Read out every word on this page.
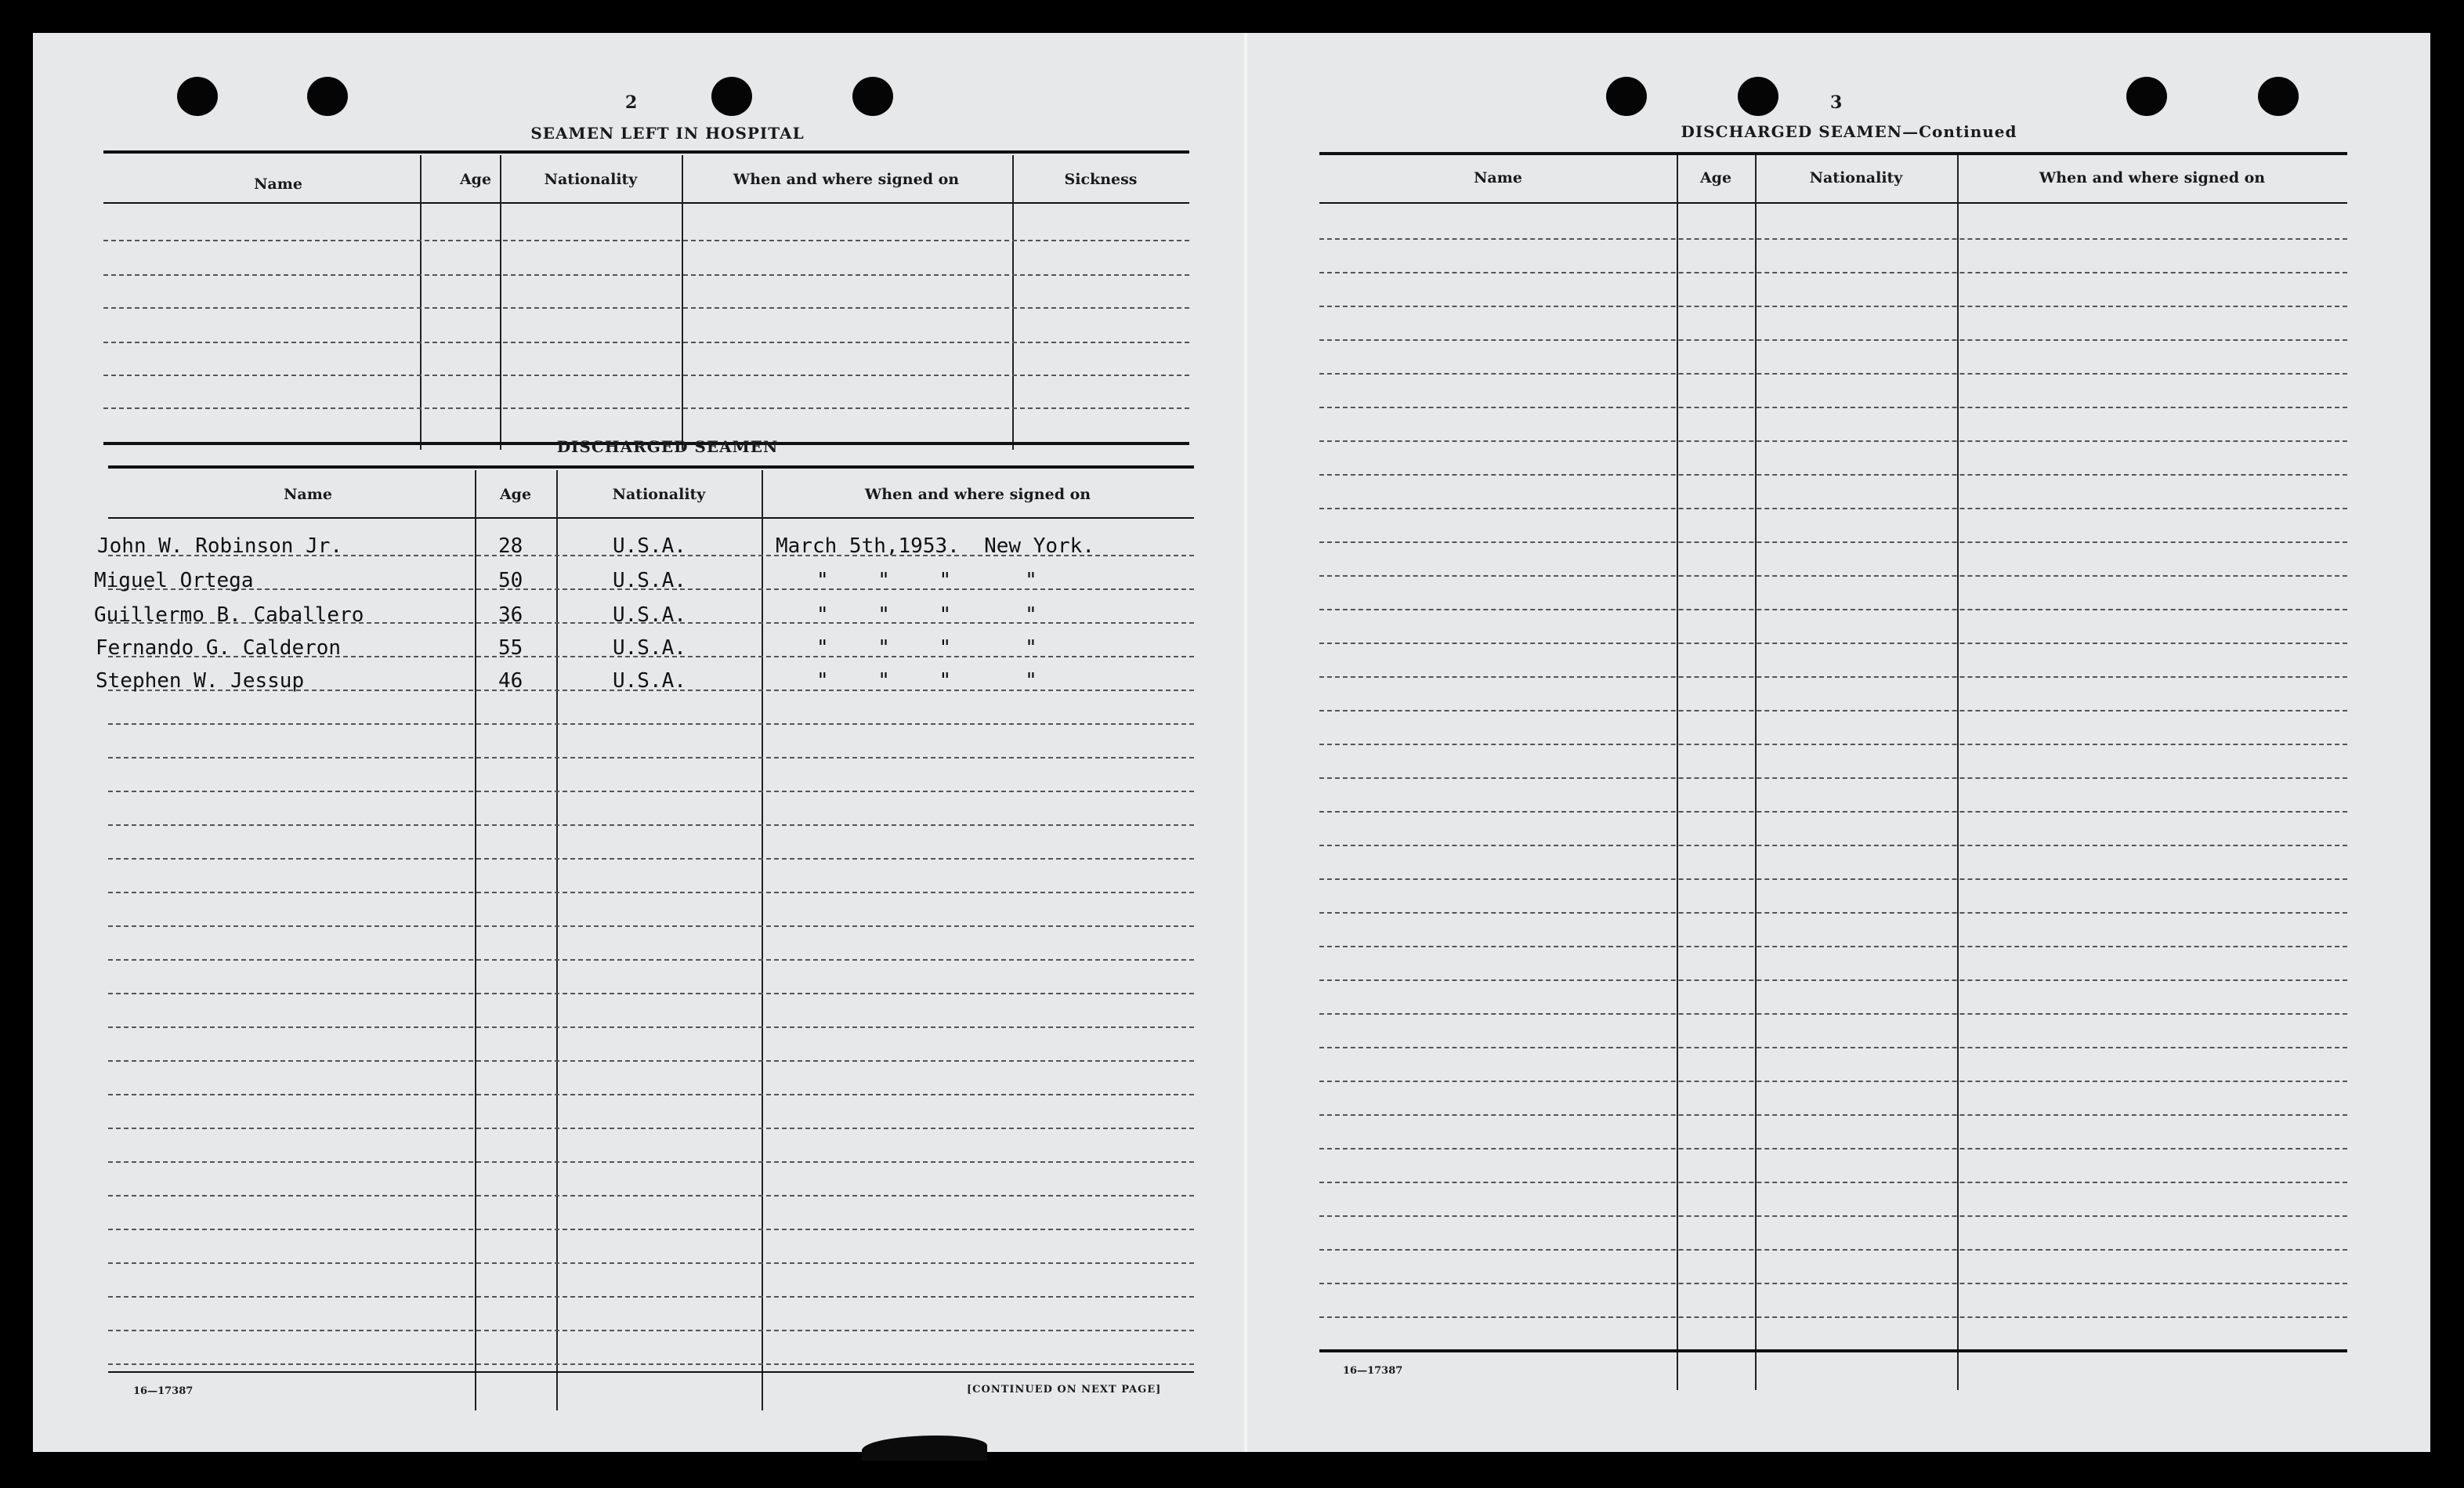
2
SEAMEN LEFT IN HOSPITAL
Name	Age	Nationality	When and where signed on	Sickness
DISCHARGED SEAMEN
Name	Age	Nationality	When and where signed on
John W. Robinson Jr.	28	U.S.A.	March 5th,1953.  New York.
Miguel Ortega	50	U.S.A.	"    "    "      "
Guillermo B. Caballero	36	U.S.A.	"    "    "      "
Fernando G. Calderon	55	U.S.A.	"    "    "      "
Stephen W. Jessup	46	U.S.A.	"    "    "      "
16—17387	[CONTINUED ON NEXT PAGE]
3
DISCHARGED SEAMEN—Continued
Name	Age	Nationality	When and where signed on
16—17387
